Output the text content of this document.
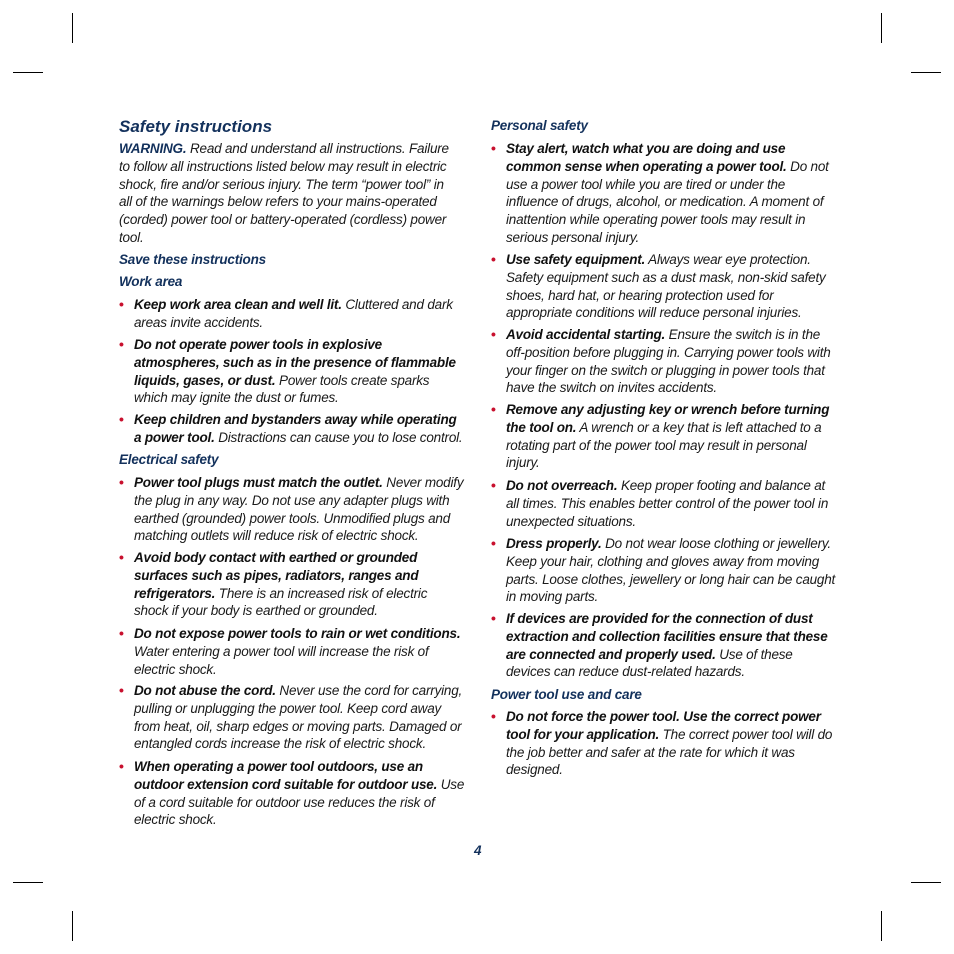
Safety instructions

WARNING. Read and understand all instructions. Failure to follow all instructions listed below may result in electric shock, fire and/or serious injury. The term “power tool” in all of the warnings below refers to your mains-operated (corded) power tool or battery-operated (cordless) power tool.

Save these instructions
Work area
• Keep work area clean and well lit. Cluttered and dark areas invite accidents.
• Do not operate power tools in explosive atmospheres, such as in the presence of flammable liquids, gases, or dust. Power tools create sparks which may ignite the dust or fumes.
• Keep children and bystanders away while operating a power tool. Distractions can cause you to lose control.
Electrical safety
• Power tool plugs must match the outlet. Never modify the plug in any way. Do not use any adapter plugs with earthed (grounded) power tools. Unmodified plugs and matching outlets will reduce risk of electric shock.
• Avoid body contact with earthed or grounded surfaces such as pipes, radiators, ranges and refrigerators. There is an increased risk of electric shock if your body is earthed or grounded.
• Do not expose power tools to rain or wet conditions. Water entering a power tool will increase the risk of electric shock.
• Do not abuse the cord. Never use the cord for carrying, pulling or unplugging the power tool. Keep cord away from heat, oil, sharp edges or moving parts. Damaged or entangled cords increase the risk of electric shock.
• When operating a power tool outdoors, use an outdoor extension cord suitable for outdoor use. Use of a cord suitable for outdoor use reduces the risk of electric shock.
Personal safety
• Stay alert, watch what you are doing and use common sense when operating a power tool. Do not use a power tool while you are tired or under the influence of drugs, alcohol, or medication. A moment of inattention while operating power tools may result in serious personal injury.
• Use safety equipment. Always wear eye protection. Safety equipment such as a dust mask, non-skid safety shoes, hard hat, or hearing protection used for appropriate conditions will reduce personal injuries.
• Avoid accidental starting. Ensure the switch is in the off-position before plugging in. Carrying power tools with your finger on the switch or plugging in power tools that have the switch on invites accidents.
• Remove any adjusting key or wrench before turning the tool on. A wrench or a key that is left attached to a rotating part of the power tool may result in personal injury.
• Do not overreach. Keep proper footing and balance at all times. This enables better control of the power tool in unexpected situations.
• Dress properly. Do not wear loose clothing or jewellery. Keep your hair, clothing and gloves away from moving parts. Loose clothes, jewellery or long hair can be caught in moving parts.
• If devices are provided for the connection of dust extraction and collection facilities ensure that these are connected and properly used. Use of these devices can reduce dust-related hazards.
Power tool use and care
• Do not force the power tool. Use the correct power tool for your application. The correct power tool will do the job better and safer at the rate for which it was designed.
4
